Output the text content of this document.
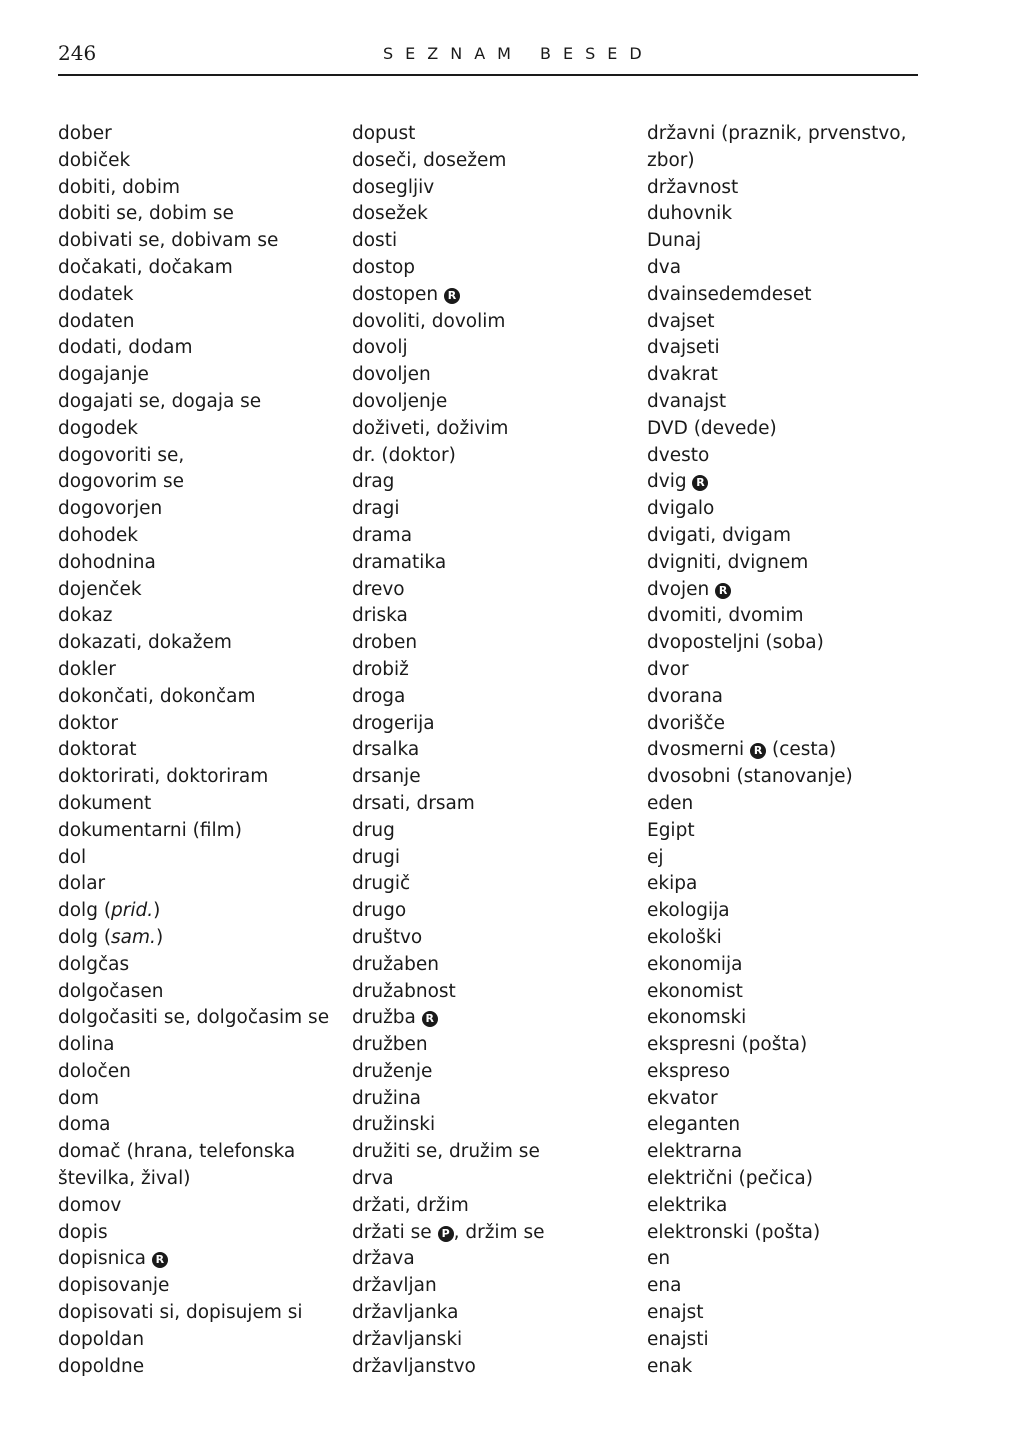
246	SEZNAM BESED
dober
dobiček
dobiti, dobim
dobiti se, dobim se
dobivati se, dobivam se
dočakati, dočakam
dodatek
dodaten
dodati, dodam
dogajanje
dogajati se, dogaja se
dogodek
dogovoriti se,
dogovorim se
dogovorjen
dohodek
dohodnina
dojenček
dokaz
dokazati, dokažem
dokler
dokončati, dokončam
doktor
doktorat
doktorirati, doktoriram
dokument
dokumentarni (film)
dol
dolar
dolg (prid.)
dolg (sam.)
dolgčas
dolgočasen
dolgočasiti se, dolgočasim se
dolina
določen
dom
doma
domač (hrana, telefonska
številka, žival)
domov
dopis
dopisnica R
dopisovanje
dopisovati si, dopisujem si
dopoldan
dopoldne
dopust
doseči, dosežem
dosegljiv
dosežek
dosti
dostop
dostopen R
dovoliti, dovolim
dovolj
dovoljen
dovoljenje
doživeti, doživim
dr. (doktor)
drag
dragi
drama
dramatika
drevo
driska
droben
drobiž
droga
drogerija
drsalka
drsanje
drsati, drsam
drug
drugi
drugič
drugo
društvo
družaben
družabnost
družba R
družben
druženje
družina
družinski
družiti se, družim se
drva
držati, držim
držati se P , držim se
država
državljan
državljanka
državljanski
državljanstvo
državni (praznik, prvenstvo,
zbor)
državnost
duhovnik
Dunaj
dva
dvainsedemdeset
dvajset
dvajseti
dvakrat
dvanajst
DVD (devede)
dvesto
dvig R
dvigalo
dvigati, dvigam
dvigniti, dvignem
dvojen R
dvomiti, dvomim
dvoposteljni (soba)
dvor
dvorana
dvorišče
dvosmerni R (cesta)
dvosobni (stanovanje)
eden
Egipt
ej
ekipa
ekologija
ekološki
ekonomija
ekonomist
ekonomski
ekspresni (pošta)
ekspreso
ekvator
eleganten
elektrarna
električni (pečica)
elektrika
elektronski (pošta)
en
ena
enajst
enajsti
enak
